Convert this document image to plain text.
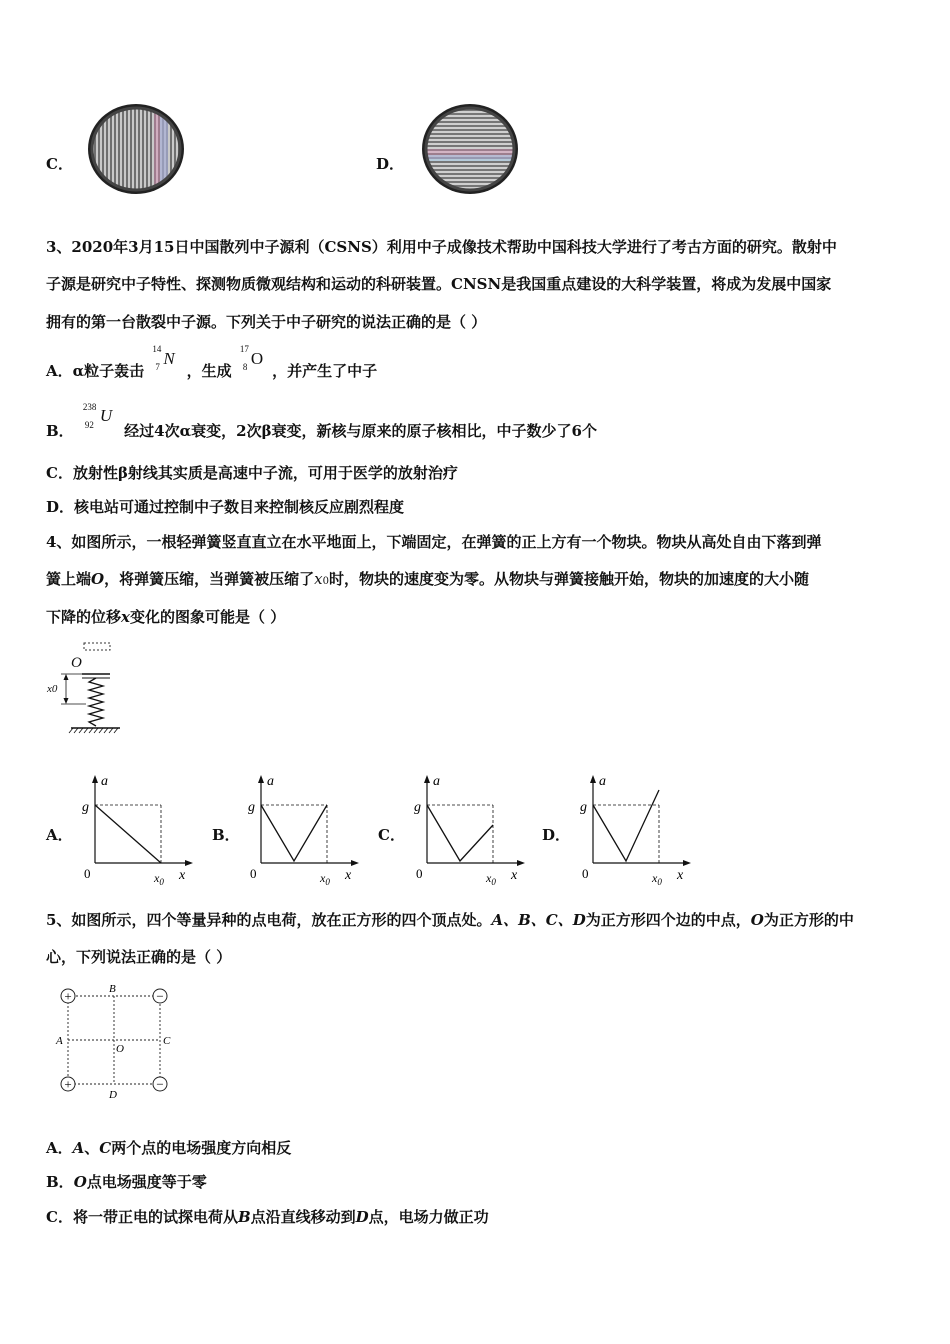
C．	D．
3、2020年3月15日中国散列中子源利（CSNS）利用中子成像技术帮助中国科技大学进行了考古方面的研究。散射中
子源是研究中子特性、探测物质微观结构和运动的科研装置。CNSN是我国重点建设的大科学装置，将成为发展中国家
拥有的第一台散裂中子源。下列关于中子研究的说法正确的是（ ）
A．α粒子轰击
14
7 N
，生成
17
8 O
，并产生了中子
B．
238
92 U
经过4次α衰变，2次β衰变，新核与原来的原子核相比，中子数少了6个
C．放射性β射线其实质是高速中子流，可用于医学的放射治疗
D．核电站可通过控制中子数目来控制核反应剧烈程度
4、如图所示，一根轻弹簧竖直直立在水平地面上，下端固定，在弹簧的正上方有一个物块。物块从高处自由下落到弹
簧上端O，将弹簧压缩，当弹簧被压缩了x0时，物块的速度变为零。从物块与弹簧接触开始，物块的加速度的大小随
下降的位移x变化的图象可能是（ ）
O
x0
A．
a
g
0	x
$x_0$
B．
a
g
0	x
$x_0$
C．
a
g
0	x
$x_0$
D．
a
g
0	x
$x_0$
5、如图所示，四个等量异种的点电荷，放在正方形的四个顶点处。A、B、C、D为正方形四个边的中点，O为正方形的中
心，下列说法正确的是（ ）
+	−
+	−
B
A
O
C
D
A．A、C两个点的电场强度方向相反
B．O点电场强度等于零
C．将一带正电的试探电荷从B点沿直线移动到D点，电场力做正功
